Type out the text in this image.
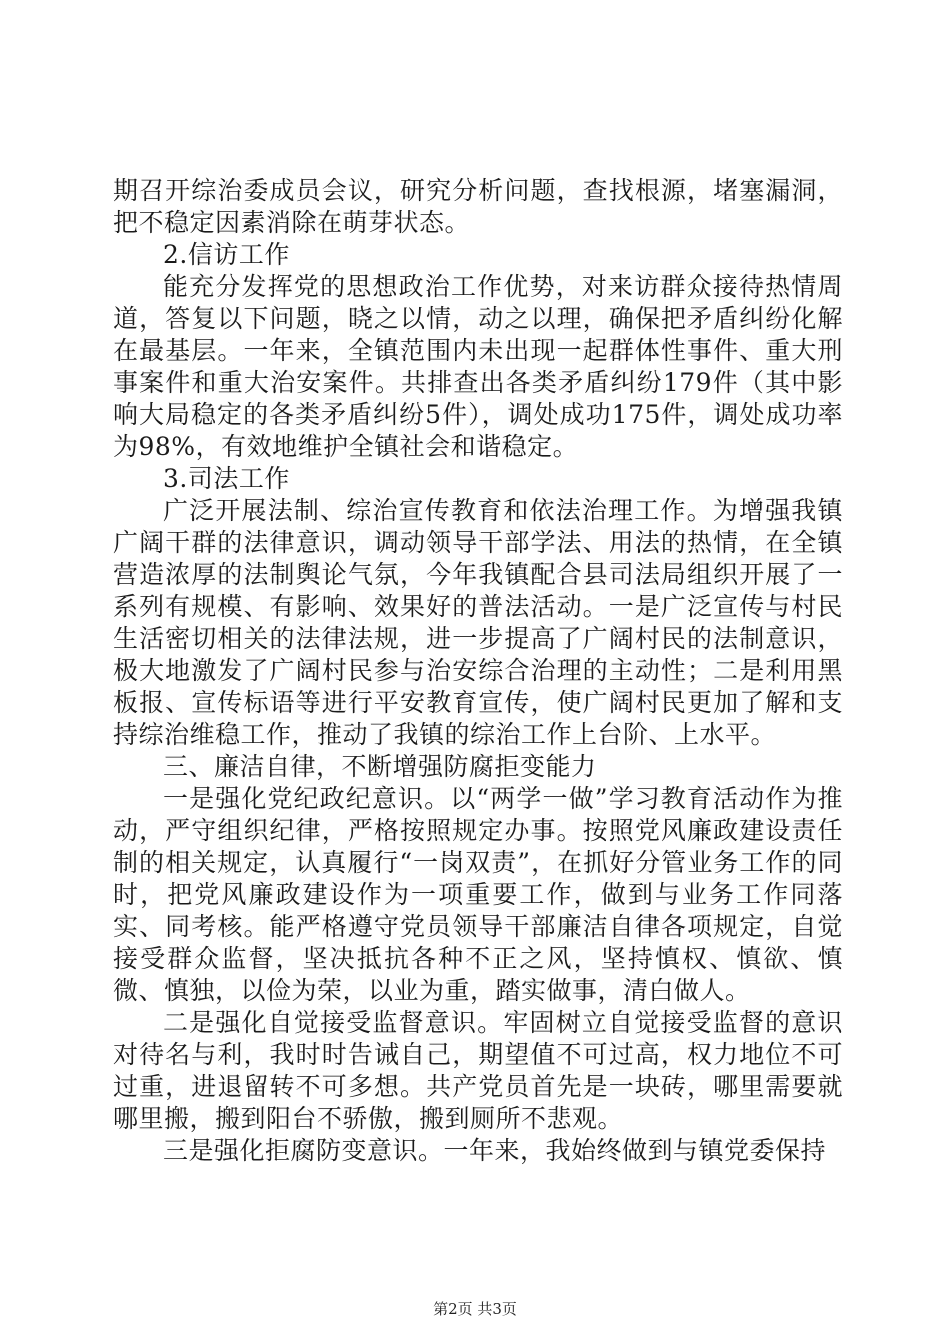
期召开综治委成员会议，研究分析问题，查找根源，堵塞漏洞，把不稳定因素消除在萌芽状态。

2.信访工作

能充分发挥党的思想政治工作优势，对来访群众接待热情周道，答复以下问题，晓之以情，动之以理，确保把矛盾纠纷化解在最基层。一年来，全镇范围内未出现一起群体性事件、重大刑事案件和重大治安案件。共排查出各类矛盾纠纷179件（其中影响大局稳定的各类矛盾纠纷5件），调处成功175件，调处成功率为98%，有效地维护全镇社会和谐稳定。

3.司法工作

广泛开展法制、综治宣传教育和依法治理工作。为增强我镇广阔干群的法律意识，调动领导干部学法、用法的热情，在全镇营造浓厚的法制舆论气氛，今年我镇配合县司法局组织开展了一系列有规模、有影响、效果好的普法活动。一是广泛宣传与村民生活密切相关的法律法规，进一步提高了广阔村民的法制意识，极大地激发了广阔村民参与治安综合治理的主动性；二是利用黑板报、宣传标语等进行平安教育宣传，使广阔村民更加了解和支持综治维稳工作，推动了我镇的综治工作上台阶、上水平。

三、廉洁自律，不断增强防腐拒变能力

一是强化党纪政纪意识。以“两学一做”学习教育活动作为推动，严守组织纪律，严格按照规定办事。按照党风廉政建设责任制的相关规定，认真履行“一岗双责”，在抓好分管业务工作的同时，把党风廉政建设作为一项重要工作，做到与业务工作同落实、同考核。能严格遵守党员领导干部廉洁自律各项规定，自觉接受群众监督，坚决抵抗各种不正之风，坚持慎权、慎欲、慎微、慎独，以俭为荣，以业为重，踏实做事，清白做人。

二是强化自觉接受监督意识。牢固树立自觉接受监督的意识对待名与利，我时时告诫自己，期望值不可过高，权力地位不可过重，进退留转不可多想。共产党员首先是一块砖，哪里需要就哪里搬，搬到阳台不骄傲，搬到厕所不悲观。

三是强化拒腐防变意识。一年来，我始终做到与镇党委保持

第2页 共3页
